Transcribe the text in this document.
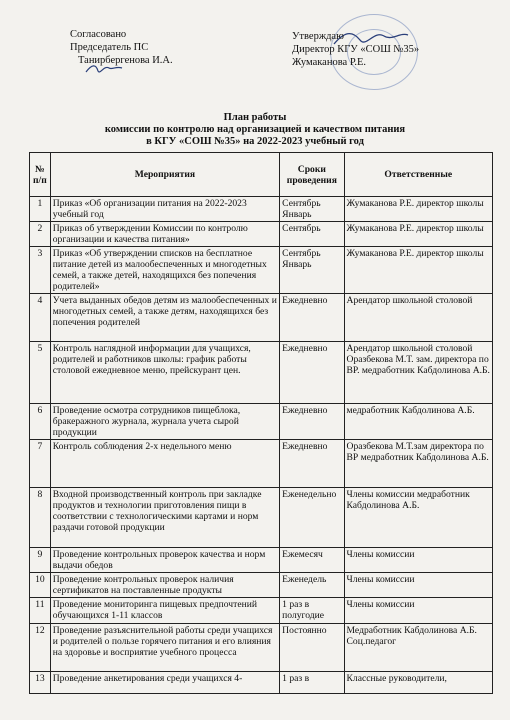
Согласовано
Председатель ПС
Танирбергенова И.А.
Утверждаю
Директор КГУ «СОШ №35»
Жумаканова Р.Е.
План работы
комиссии по контролю над организацией и качеством питания
в КГУ «СОШ №35» на 2022-2023 учебный год
№ п/п	Мероприятия	Сроки проведения	Ответственные
1	Приказ «Об организации питания на 2022-2023 учебный год	Сентябрь Январь	Жумаканова Р.Е. директор школы
2	Приказ об утверждении Комиссии по контролю организации и качества питания»	Сентябрь	Жумаканова Р.Е. директор школы
3	Приказ «Об утверждении списков на бесплатное питание детей из малообеспеченных и многодетных семей, а также детей, находящихся без попечения родителей»	Сентябрь Январь	Жумаканова Р.Е. директор школы
4	Учета выданных обедов детям из малообеспеченных и многодетных семей, а также детям, находящихся без попечения родителей	Ежедневно	Арендатор школьной столовой
5	Контроль наглядной информации для учащихся, родителей и работников школы: график работы столовой ежедневное меню, прейскурант цен.	Ежедневно	Арендатор школьной столовой Оразбекова М.Т. зам. директора по ВР. медработник Кабдолинова А.Б.
6	Проведение осмотра сотрудников пищеблока, бракеражного журнала, журнала учета сырой продукции	Ежедневно	медработник Кабдолинова А.Б.
7	Контроль соблюдения 2-х недельного меню	Ежедневно	Оразбекова М.Т.зам директора по ВР медработник Кабдолинова А.Б.
8	Входной производственный контроль при закладке продуктов и технологии приготовления пищи в соответствии с технологическими картами и норм раздачи готовой продукции	Еженедельно	Члены комиссии медработник Кабдолинова А.Б.
9	Проведение контрольных проверок качества и норм выдачи обедов	Ежемесяч	Члены комиссии
10	Проведение контрольных проверок наличия сертификатов на поставленные продукты	Еженедель	Члены комиссии
11	Проведение мониторинга пищевых предпочтений обучающихся 1-11 классов	1 раз в полугодие	Члены комиссии
12	Проведение разъяснительной работы среди учащихся и родителей о пользе горячего питания и его влияния на здоровье и восприятие учебного процесса	Постоянно	Медработник Кабдолинова А.Б. Соц.педагог
13	Проведение анкетирования среди учащихся 4-	1 раз в	Классные руководители,
